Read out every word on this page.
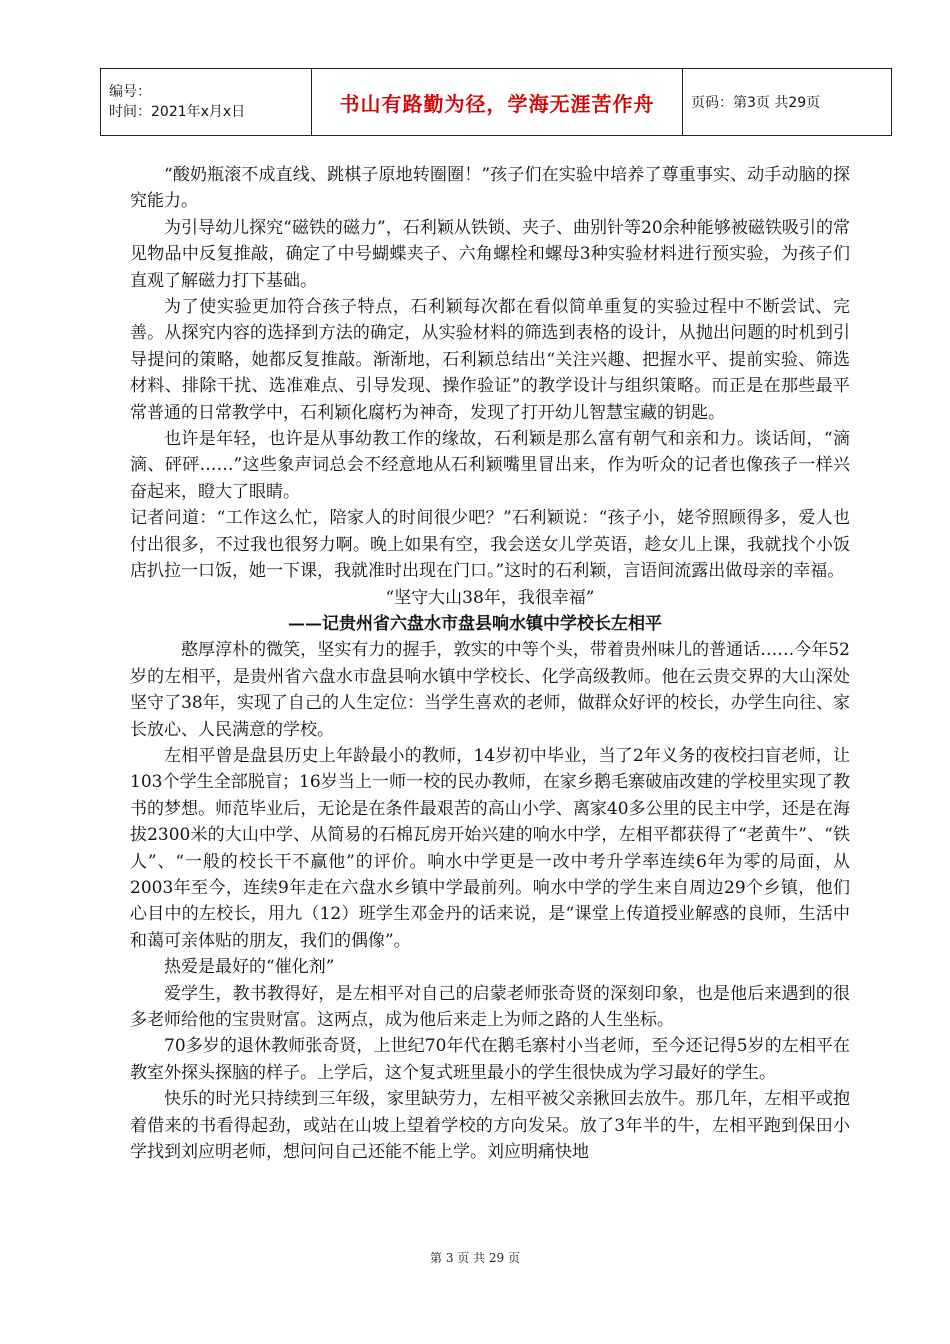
编号：
时间：2021年x月x日	书山有路勤为径，学海无涯苦作舟	页码：第3页 共29页

“酸奶瓶滚不成直线、跳棋子原地转圈圈！”孩子们在实验中培养了尊重事实、动手动脑的探究能力。

为引导幼儿探究“磁铁的磁力”，石利颖从铁锁、夹子、曲别针等20余种能够被磁铁吸引的常见物品中反复推敲，确定了中号蝴蝶夹子、六角螺栓和螺母3种实验材料进行预实验，为孩子们直观了解磁力打下基础。

为了使实验更加符合孩子特点，石利颖每次都在看似简单重复的实验过程中不断尝试、完善。从探究内容的选择到方法的确定，从实验材料的筛选到表格的设计，从抛出问题的时机到引导提问的策略，她都反复推敲。渐渐地，石利颖总结出“关注兴趣、把握水平、提前实验、筛选材料、排除干扰、选准难点、引导发现、操作验证”的教学设计与组织策略。而正是在那些最平常普通的日常教学中，石利颖化腐朽为神奇，发现了打开幼儿智慧宝藏的钥匙。

也许是年轻，也许是从事幼教工作的缘故，石利颖是那么富有朝气和亲和力。谈话间，“滴滴、砰砰……”这些象声词总会不经意地从石利颖嘴里冒出来，作为听众的记者也像孩子一样兴奋起来，瞪大了眼睛。

记者问道：“工作这么忙，陪家人的时间很少吧？”石利颖说：“孩子小，姥爷照顾得多，爱人也付出很多，不过我也很努力啊。晚上如果有空，我会送女儿学英语，趁女儿上课，我就找个小饭店扒拉一口饭，她一下课，我就准时出现在门口。”这时的石利颖，言语间流露出做母亲的幸福。

“坚守大山38年，我很幸福”

——记贵州省六盘水市盘县响水镇中学校长左相平

憨厚淳朴的微笑，坚实有力的握手，敦实的中等个头，带着贵州味儿的普通话……今年52岁的左相平，是贵州省六盘水市盘县响水镇中学校长、化学高级教师。他在云贵交界的大山深处坚守了38年，实现了自己的人生定位：当学生喜欢的老师，做群众好评的校长，办学生向往、家长放心、人民满意的学校。

左相平曾是盘县历史上年龄最小的教师，14岁初中毕业，当了2年义务的夜校扫盲老师，让103个学生全部脱盲；16岁当上一师一校的民办教师，在家乡鹅毛寨破庙改建的学校里实现了教书的梦想。师范毕业后，无论是在条件最艰苦的高山小学、离家40多公里的民主中学，还是在海拔2300米的大山中学、从简易的石棉瓦房开始兴建的响水中学，左相平都获得了“老黄牛”、“铁人”、“一般的校长干不赢他”的评价。响水中学更是一改中考升学率连续6年为零的局面，从2003年至今，连续9年走在六盘水乡镇中学最前列。响水中学的学生来自周边29个乡镇，他们心目中的左校长，用九（12）班学生邓金丹的话来说，是“课堂上传道授业解惑的良师，生活中和蔼可亲体贴的朋友，我们的偶像”。

热爱是最好的“催化剂”

爱学生，教书教得好，是左相平对自己的启蒙老师张奇贤的深刻印象，也是他后来遇到的很多老师给他的宝贵财富。这两点，成为他后来走上为师之路的人生坐标。

70多岁的退休教师张奇贤，上世纪70年代在鹅毛寨村小当老师，至今还记得5岁的左相平在教室外探头探脑的样子。上学后，这个复式班里最小的学生很快成为学习最好的学生。

快乐的时光只持续到三年级，家里缺劳力，左相平被父亲揪回去放牛。那几年，左相平或抱着借来的书看得起劲，或站在山坡上望着学校的方向发呆。放了3年半的牛，左相平跑到保田小学找到刘应明老师，想问问自己还能不能上学。刘应明痛快地

第 3 页 共 29 页
